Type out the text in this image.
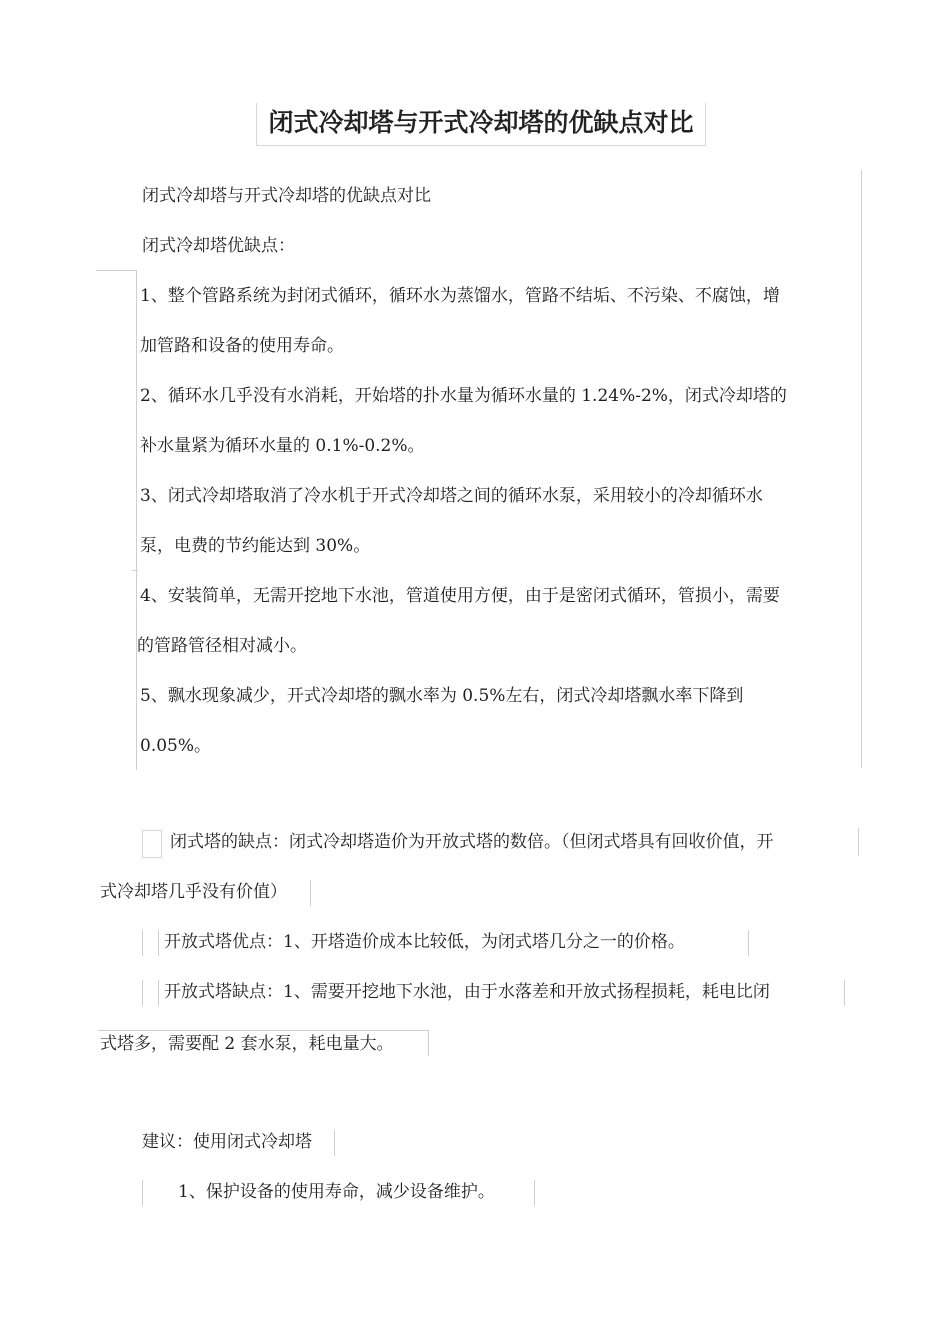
闭式冷却塔与开式冷却塔的优缺点对比
闭式冷却塔与开式冷却塔的优缺点对比
闭式冷却塔优缺点：
1、整个管路系统为封闭式循环，循环水为蒸馏水，管路不结垢、不污染、不腐蚀，增
加管路和设备的使用寿命。
2、循环水几乎没有水消耗，开始塔的扑水量为循环水量的 1.24%-2%，闭式冷却塔的
补水量紧为循环水量的 0.1%-0.2%。
3、闭式冷却塔取消了冷水机于开式冷却塔之间的循环水泵，采用较小的冷却循环水
泵，电费的节约能达到 30%。
4、安装简单，无需开挖地下水池，管道使用方便，由于是密闭式循环，管损小，需要
的管路管径相对减小。
5、飘水现象减少，开式冷却塔的飘水率为 0.5%左右，闭式冷却塔飘水率下降到
0.05%。
闭式塔的缺点：闭式冷却塔造价为开放式塔的数倍。（但闭式塔具有回收价值，开
式冷却塔几乎没有价值）
开放式塔优点：1、开塔造价成本比较低，为闭式塔几分之一的价格。
开放式塔缺点：1、需要开挖地下水池，由于水落差和开放式扬程损耗，耗电比闭
式塔多，需要配 2 套水泵，耗电量大。
建议：使用闭式冷却塔
1、保护设备的使用寿命，减少设备维护。
